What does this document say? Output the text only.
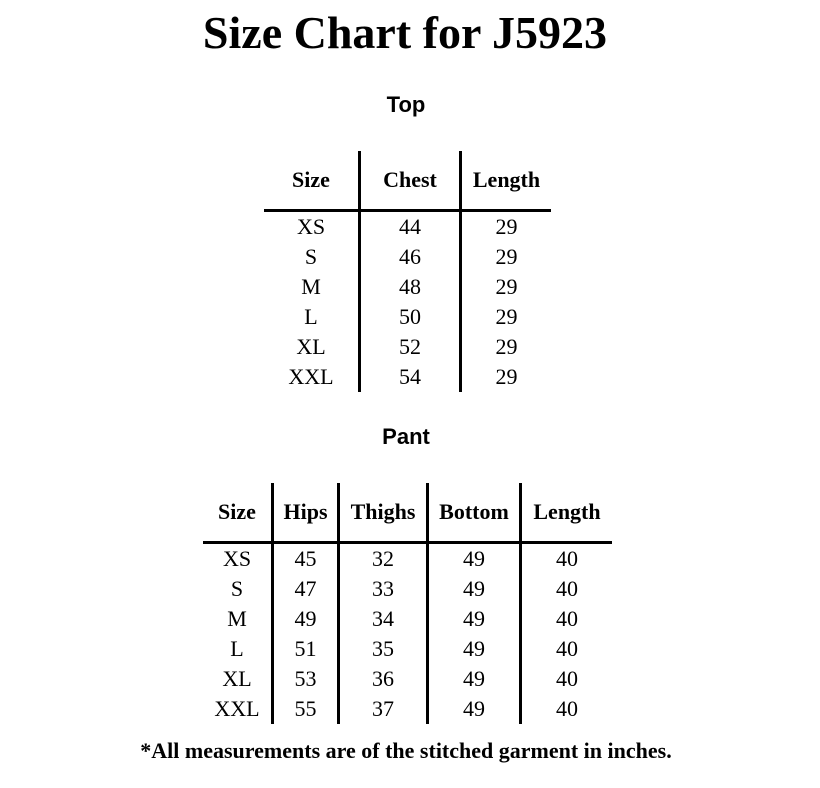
Size Chart for J5923
Top
Size	Chest	Length
XS	44	29
S	46	29
M	48	29
L	50	29
XL	52	29
XXL	54	29
Pant
Size	Hips	Thighs	Bottom	Length
XS	45	32	49	40
S	47	33	49	40
M	49	34	49	40
L	51	35	49	40
XL	53	36	49	40
XXL	55	37	49	40

*All measurements are of the stitched garment in inches.
